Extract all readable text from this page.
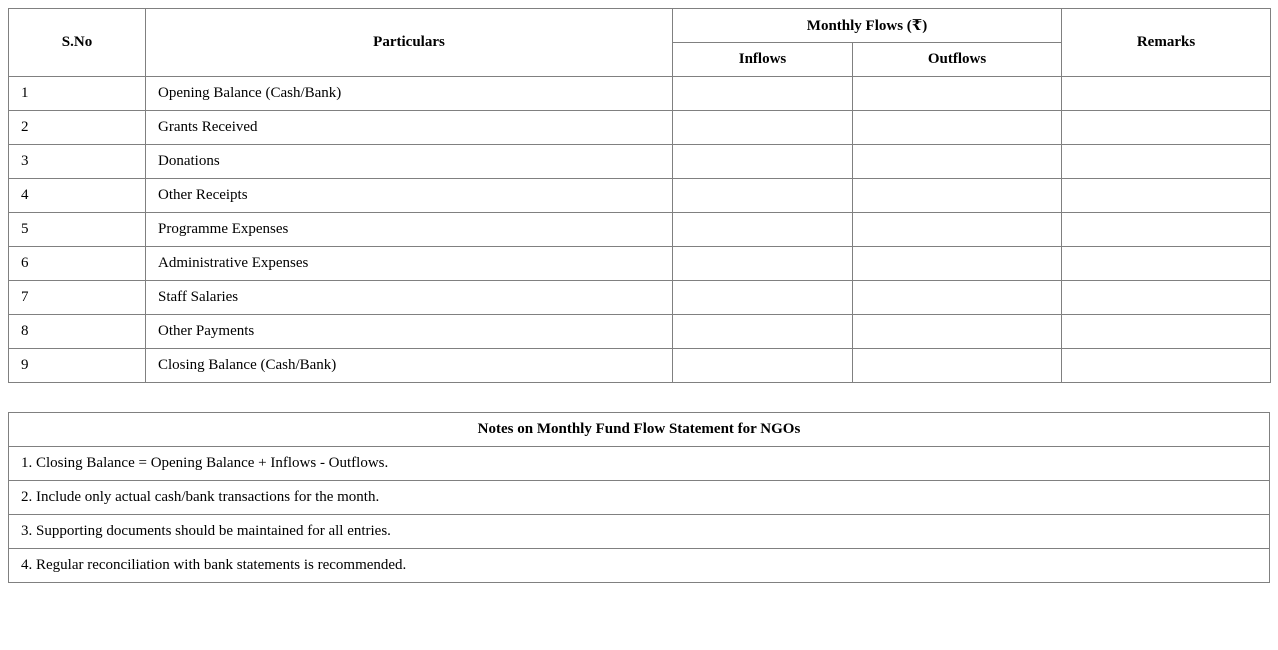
S.No	Particulars	Monthly Flows (₹)		Remarks
		Inflows	Outflows	
1	Opening Balance (Cash/Bank)			
2	Grants Received			
3	Donations			
4	Other Receipts			
5	Programme Expenses			
6	Administrative Expenses			
7	Staff Salaries			
8	Other Payments			
9	Closing Balance (Cash/Bank)			
Notes on Monthly Fund Flow Statement for NGOs
1. Closing Balance = Opening Balance + Inflows - Outflows.
2. Include only actual cash/bank transactions for the month.
3. Supporting documents should be maintained for all entries.
4. Regular reconciliation with bank statements is recommended.
